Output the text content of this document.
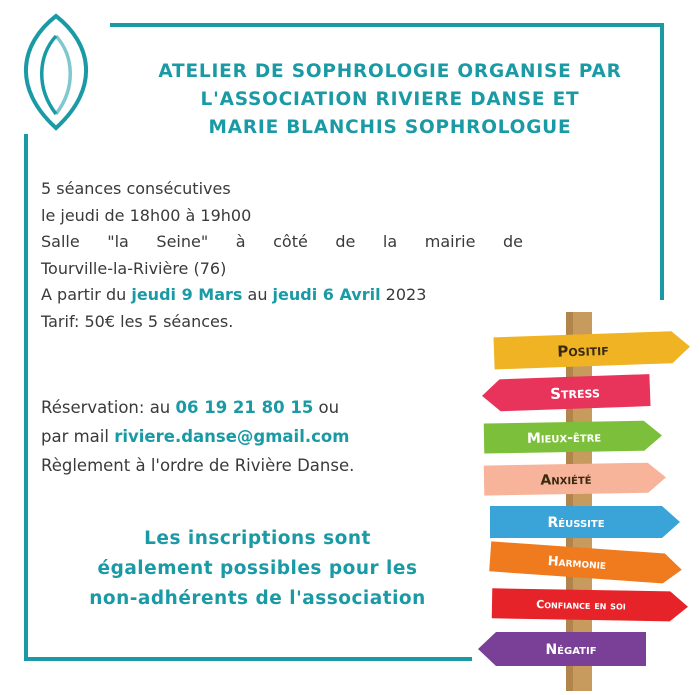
ATELIER DE SOPHROLOGIE ORGANISE PAR
L'ASSOCIATION RIVIERE DANSE ET
MARIE BLANCHIS SOPHROLOGUE
5 séances consécutives
le jeudi de 18h00 à 19h00
Salle "la Seine" à côté de la mairie de
Tourville-la-Rivière (76)
A partir du jeudi 9 Mars au jeudi 6 Avril 2023
Tarif: 50€ les 5 séances.
Réservation: au 06 19 21 80 15 ou
par mail riviere.danse@gmail.com
Règlement à l'ordre de Rivière Danse.
Les inscriptions sont
également possibles pour les
non-adhérents de l'association
Positif
Stress
Mieux-être
Anxiété
Réussite
Harmonie
Confiance en soi
Négatif
